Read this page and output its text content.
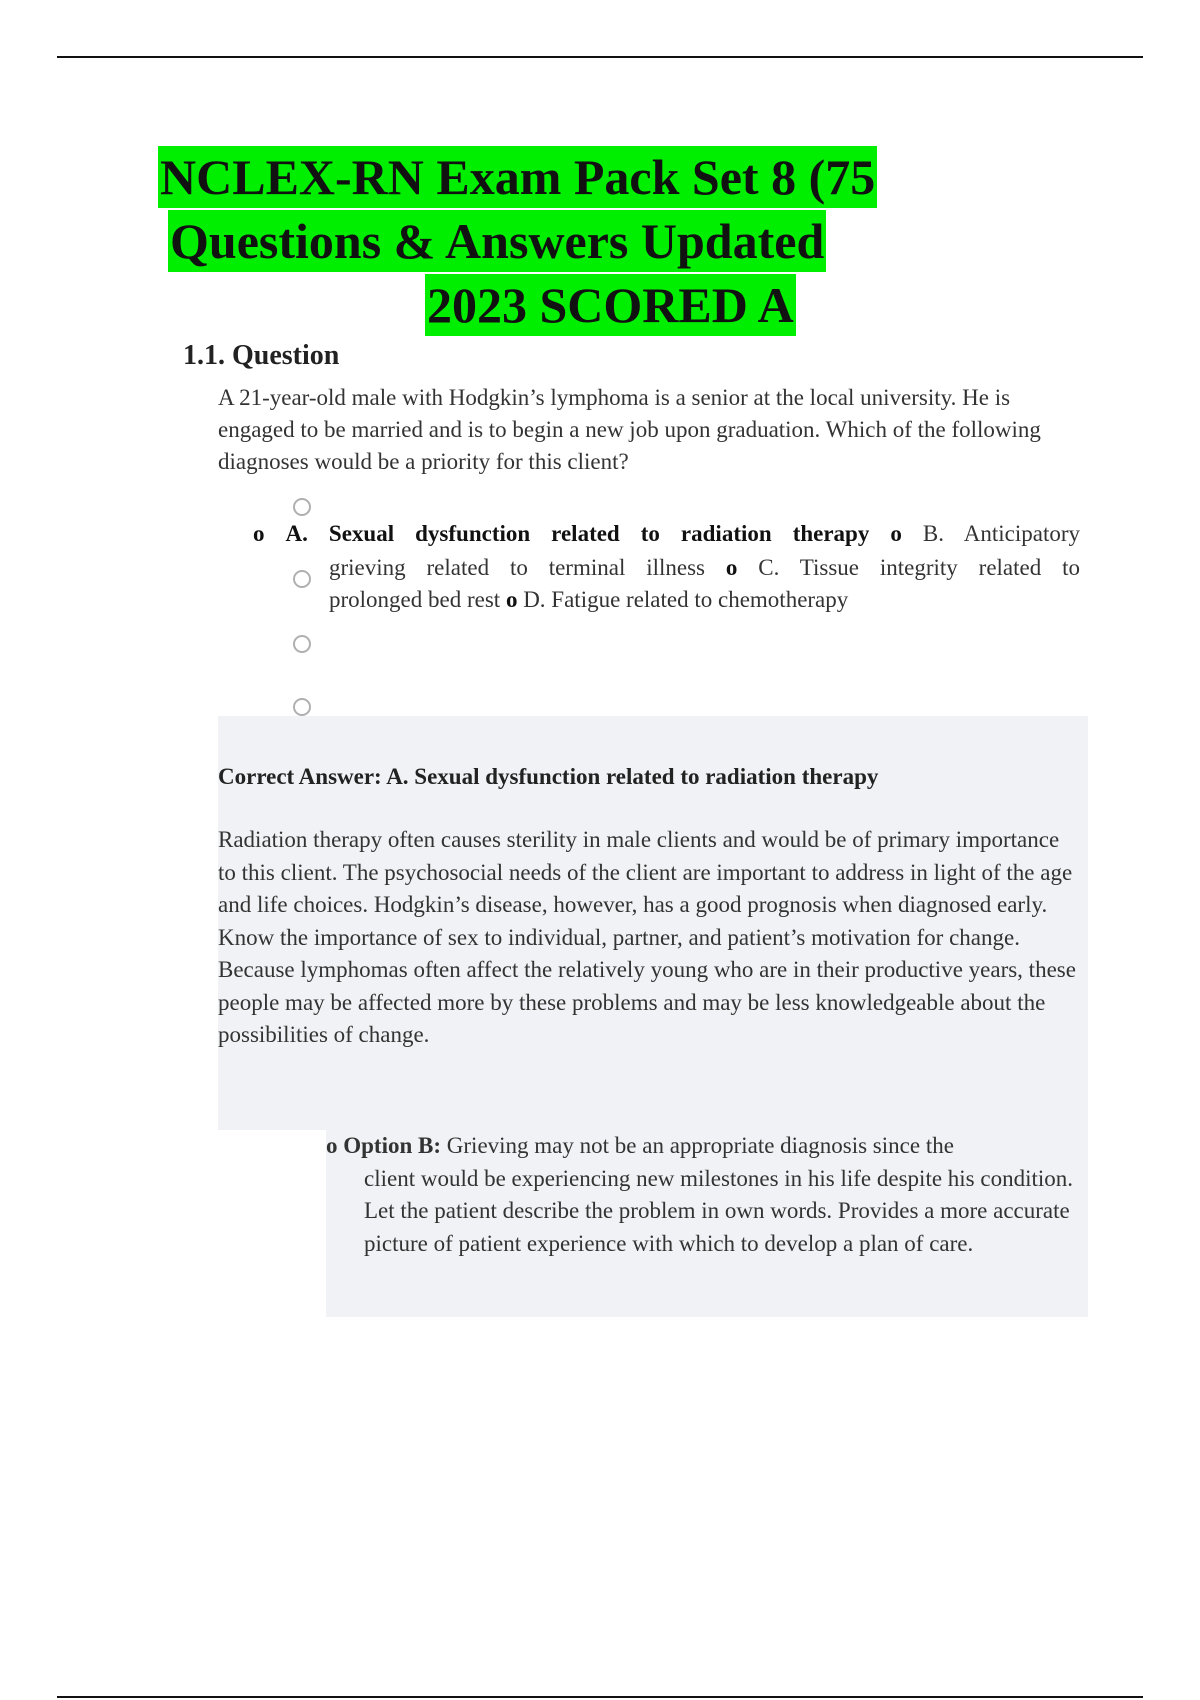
NCLEX-RN Exam Pack Set 8 (75
Questions & Answers Updated
2023 SCORED A
1.1. Question
A 21-year-old male with Hodgkin’s lymphoma is a senior at the local university. He is engaged to be married and is to begin a new job upon graduation. Which of the following diagnoses would be a priority for this client?
o A. Sexual dysfunction related to radiation therapy o B. Anticipatory
grieving related to terminal illness o C. Tissue integrity related to
prolonged bed rest o D. Fatigue related to chemotherapy
Correct Answer: A. Sexual dysfunction related to radiation therapy
Radiation therapy often causes sterility in male clients and would be of primary importance to this client. The psychosocial needs of the client are important to address in light of the age and life choices. Hodgkin’s disease, however, has a good prognosis when diagnosed early. Know the importance of sex to individual, partner, and patient’s motivation for change. Because lymphomas often affect the relatively young who are in their productive years, these people may be affected more by these problems and may be less knowledgeable about the possibilities of change.
o Option B: Grieving may not be an appropriate diagnosis since the
client would be experiencing new milestones in his life despite his condition. Let the patient describe the problem in own words. Provides a more accurate picture of patient experience with which to develop a plan of care.
